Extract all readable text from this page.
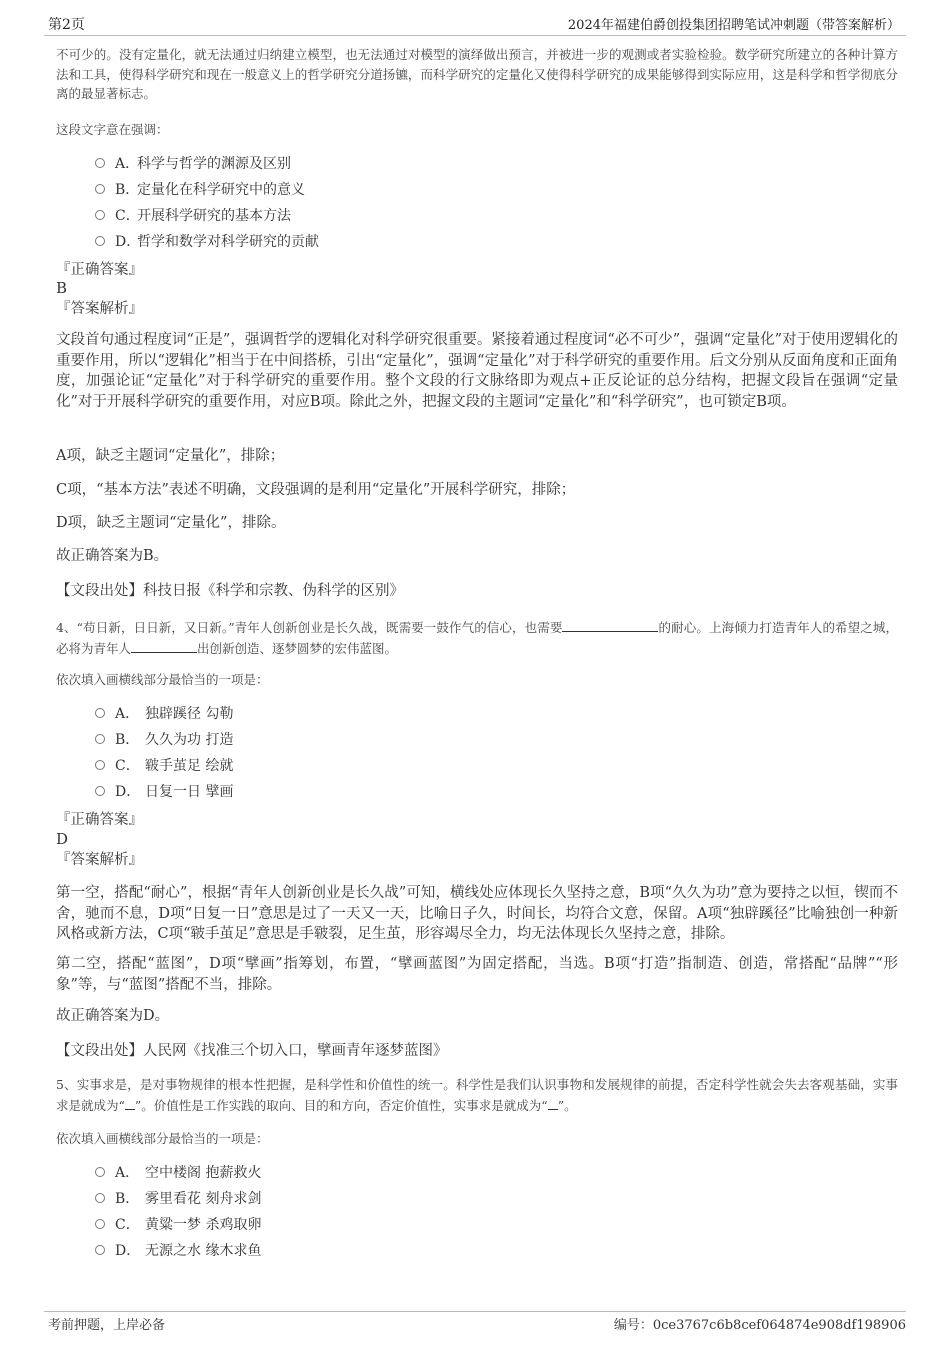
第2页	2024年福建伯爵创投集团招聘笔试冲刺题（带答案解析）

不可少的。没有定量化，就无法通过归纳建立模型，也无法通过对模型的演绎做出预言，并被进一步的观测或者实验检验。数学研究所建立的各种计算方法和工具，使得科学研究和现在一般意义上的哲学研究分道扬镳，而科学研究的定量化又使得科学研究的成果能够得到实际应用，这是科学和哲学彻底分离的最显著标志。

这段文字意在强调：

A．科学与哲学的渊源及区别
B．定量化在科学研究中的意义
C．开展科学研究的基本方法
D．哲学和数学对科学研究的贡献
『正确答案』
B
『答案解析』

文段首句通过程度词“正是”，强调哲学的逻辑化对科学研究很重要。紧接着通过程度词“必不可少”，强调“定量化”对于使用逻辑化的重要作用，所以“逻辑化”相当于在中间搭桥，引出“定量化”，强调“定量化”对于科学研究的重要作用。后文分别从反面角度和正面角度，加强论证“定量化”对于科学研究的重要作用。整个文段的行文脉络即为观点+正反论证的总分结构，把握文段旨在强调“定量化”对于开展科学研究的重要作用，对应B项。除此之外，把握文段的主题词“定量化”和“科学研究”，也可锁定B项。

A项，缺乏主题词“定量化”，排除；

C项，“基本方法”表述不明确，文段强调的是利用“定量化”开展科学研究，排除；

D项，缺乏主题词“定量化”，排除。

故正确答案为B。

【文段出处】科技日报《科学和宗教、伪科学的区别》

4、“苟日新，日日新，又日新。”青年人创新创业是长久战，既需要一鼓作气的信心，也需要	的耐心。上海倾力打造青年人的希望之城，必将为青年人	出创新创造、逐梦圆梦的宏伟蓝图。

依次填入画横线部分最恰当的一项是：

A． 独辟蹊径 勾勒
B． 久久为功 打造
C． 皲手茧足 绘就
D． 日复一日 擘画
『正确答案』
D
『答案解析』

第一空，搭配“耐心”，根据“青年人创新创业是长久战”可知，横线处应体现长久坚持之意，B项“久久为功”意为要持之以恒，锲而不舍，驰而不息，D项“日复一日”意思是过了一天又一天，比喻日子久，时间长，均符合文意，保留。A项“独辟蹊径”比喻独创一种新风格或新方法，C项“皲手茧足”意思是手皲裂，足生茧，形容竭尽全力，均无法体现长久坚持之意，排除。

第二空，搭配“蓝图”，D项“擘画”指筹划，布置，“擘画蓝图”为固定搭配，当选。B项“打造”指制造、创造，常搭配“品牌”“形象”等，与“蓝图”搭配不当，排除。

故正确答案为D。

【文段出处】人民网《找准三个切入口，擘画青年逐梦蓝图》

5、实事求是，是对事物规律的根本性把握，是科学性和价值性的统一。科学性是我们认识事物和发展规律的前提，否定科学性就会失去客观基础，实事求是就成为“ ”。价值性是工作实践的取向、目的和方向，否定价值性，实事求是就成为“ ”。

依次填入画横线部分最恰当的一项是：

A． 空中楼阁 抱薪救火
B． 雾里看花 刻舟求剑
C． 黄粱一梦 杀鸡取卵
D． 无源之水 缘木求鱼
考前押题，上岸必备	编号：0ce3767c6b8cef064874e908df198906
